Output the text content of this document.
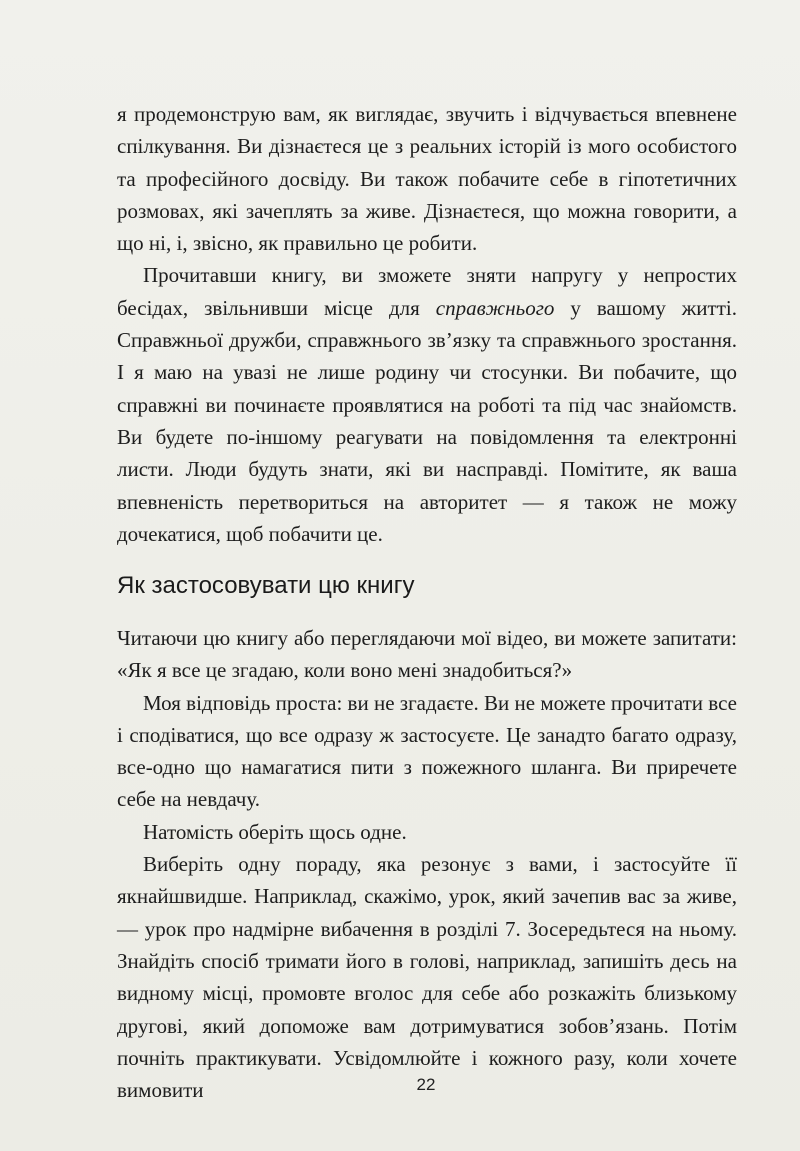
я продемонструю вам, як виглядає, звучить і відчувається впевнене спілкування. Ви дізнаєтеся це з реальних історій із мого особистого та професійного досвіду. Ви також побачите себе в гіпотетичних розмовах, які зачеплять за живе. Дізнаєтеся, що можна говорити, а що ні, і, звісно, як правильно це робити.

Прочитавши книгу, ви зможете зняти напругу у непростих бесідах, звільнивши місце для справжнього у вашому житті. Справжньої дружби, справжнього зв’язку та справжнього зростання. І я маю на увазі не лише родину чи стосунки. Ви побачите, що справжні ви починаєте проявлятися на роботі та під час знайомств. Ви будете по-іншому реагувати на повідомлення та електронні листи. Люди будуть знати, які ви насправді. Помітите, як ваша впевненість перетвориться на авторитет — я також не можу дочекатися, щоб побачити це.

Як застосовувати цю книгу

Читаючи цю книгу або переглядаючи мої відео, ви можете запитати: «Як я все це згадаю, коли воно мені знадобиться?»

Моя відповідь проста: ви не згадаєте. Ви не можете прочитати все і сподіватися, що все одразу ж застосуєте. Це занадто багато одразу, все-одно що намагатися пити з пожежного шланга. Ви приречете себе на невдачу.

Натомість оберіть щось одне.

Виберіть одну пораду, яка резонує з вами, і застосуйте її якнайшвидше. Наприклад, скажімо, урок, який зачепив вас за живе, — урок про надмірне вибачення в розділі 7. Зосередьтеся на ньому. Знайдіть спосіб тримати його в голові, наприклад, запишіть десь на видному місці, промовте вголос для себе або розкажіть близькому другові, який допоможе вам дотримуватися зобов’язань. Потім почніть практикувати. Усвідомлюйте і кожного разу, коли хочете вимовити	22
